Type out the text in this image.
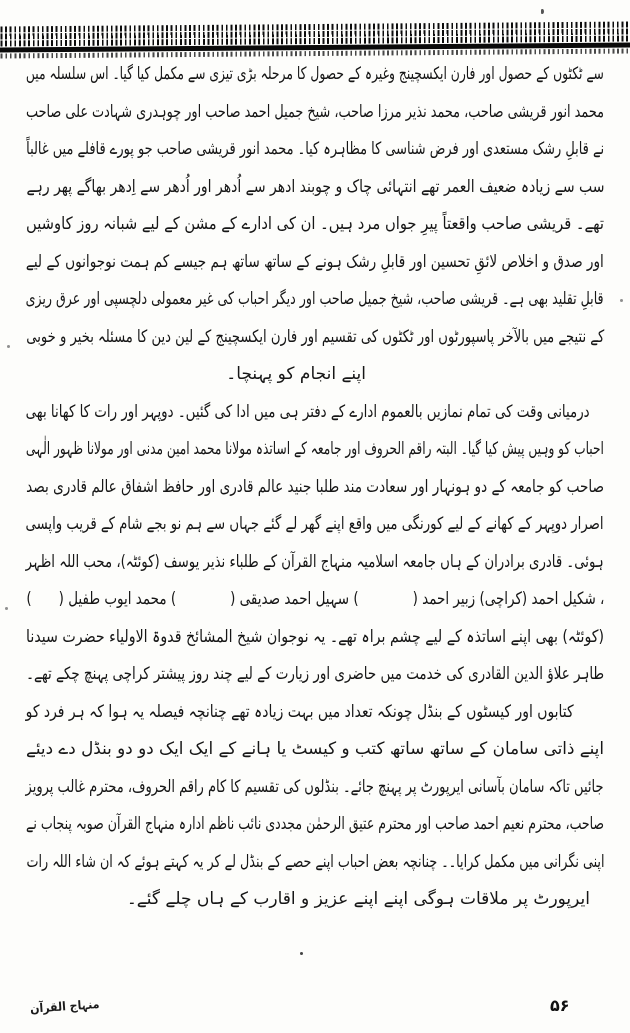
سے ٹکٹوں کے حصول اور فارن ایکسچینج وغیرہ کے حصول کا مرحلہ بڑی تیزی سے مکمل کیا گیا۔ اس سلسلہ میں
محمد انور قریشی صاحب، محمد نذیر مرزا صاحب، شیخ جمیل احمد صاحب اور چوہدری شہادت علی صاحب
نے قابلِ رشک مستعدی اور فرض شناسی کا مظاہرہ کیا۔ محمد انور قریشی صاحب جو پورے قافلے میں غالباً
سب سے زیادہ ضعیف العمر تھے انتہائی چاک و چوبند ادھر سے اُدھر اور اُدھر سے اِدھر بھاگے پھر رہے
تھے۔ قریشی صاحب واقعتاً پیرِ جواں مرد ہیں۔ ان کی ادارے کے مشن کے لیے شبانہ روز کاوشیں
اور صدق و اخلاص لائقِ تحسین اور قابلِ رشک ہونے کے ساتھ ساتھ ہم جیسے کم ہمت نوجوانوں کے لیے
قابلِ تقلید بھی ہے۔ قریشی صاحب، شیخ جمیل صاحب اور دیگر احباب کی غیر معمولی دلچسپی اور عرق ریزی
کے نتیجے میں بالآخر پاسپورٹوں اور ٹکٹوں کی تقسیم اور فارن ایکسچینج کے لین دین کا مسئلہ بخیر و خوبی
اپنے انجام کو پہنچا۔
درمیانی وقت کی تمام نمازیں بالعموم ادارے کے دفتر ہی میں ادا کی گئیں۔ دوپہر اور رات کا کھانا بھی
احباب کو وہیں پیش کیا گیا۔ البتہ راقم الحروف اور جامعہ کے اساتذہ مولانا محمد امین مدنی اور مولانا ظہور الٰہی
صاحب کو جامعہ کے دو ہونہار اور سعادت مند طلبا جنید عالم قادری اور حافظ اشفاق عالم قادری بصد
اصرار دوپہر کے کھانے کے لیے کورنگی میں واقع اپنے گھر لے گئے جہاں سے ہم نو بجے شام کے قریب واپسی
ہوئی۔ قادری برادران کے ہاں جامعہ اسلامیہ منہاج القرآن کے طلباء نذیر یوسف (کوئٹہ)، محب اللہ اظہر
، شکیل احمد (کراچی) زبیر احمد (    ) سہیل احمد صدیقی (    ) محمد ایوب طفیل (  )
(کوئٹہ) بھی اپنے اساتذہ کے لیے چشم براہ تھے۔ یہ نوجوان شیخ المشائخ قدوۃ الاولیاء حضرت سیدنا
طاہر علاؤ الدین القادری کی خدمت میں حاضری اور زیارت کے لیے چند روز پیشتر کراچی پہنچ چکے تھے۔
کتابوں اور کیسٹوں کے بنڈل چونکہ تعداد میں بہت زیادہ تھے چنانچہ فیصلہ یہ ہوا کہ ہر فرد کو
اپنے ذاتی سامان کے ساتھ ساتھ کتب و کیسٹ یا ہانے کے ایک ایک دو دو بنڈل دے دیئے
جائیں تاکہ سامان بآسانی ایرپورٹ پر پہنچ جائے۔ بنڈلوں کی تقسیم کا کام راقم الحروف، محترم غالب پرویز
صاحب، محترم نعیم احمد صاحب اور محترم عتیق الرحمٰن مجددی نائب ناظم ادارہ منہاج القرآن صوبہ پنجاب نے
اپنی نگرانی میں مکمل کرایا۔۔ چنانچہ بعض احباب اپنے حصے کے بنڈل لے کر یہ کہتے ہوئے کہ ان شاء اللہ رات
ایرپورٹ پر ملاقات ہوگی اپنے اپنے عزیز و اقارب کے ہاں چلے گئے۔
منہاج القرآن	۵۶
